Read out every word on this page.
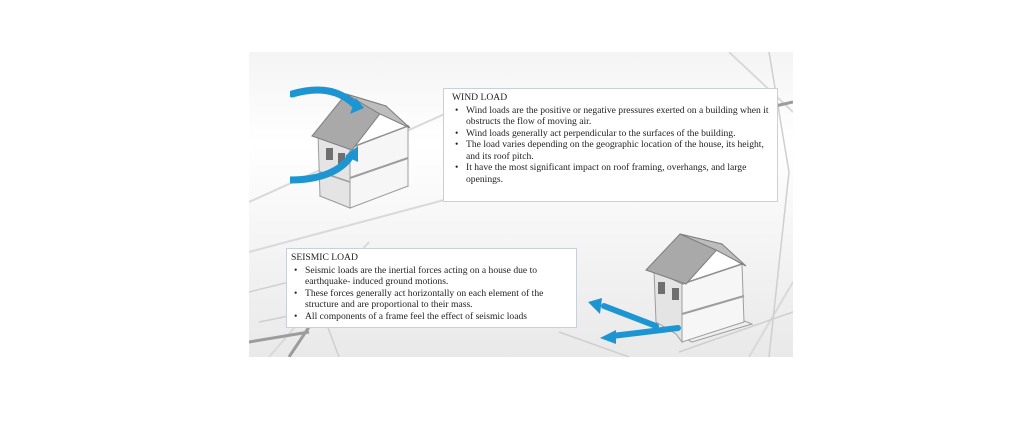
WIND LOAD
• Wind loads are the positive or negative pressures exerted on a building when it obstructs the flow of moving air.
• Wind loads generally act perpendicular to the surfaces of the building.
• The load varies depending on the geographic location of the house, its height, and its roof pitch.
• It have the most significant impact on roof framing, overhangs, and large openings.
SEISMIC LOAD
• Seismic loads are the inertial forces acting on a house due to earthquake- induced ground motions.
• These forces generally act horizontally on each element of the structure and are proportional to their mass.
• All components of a frame feel the effect of seismic loads
